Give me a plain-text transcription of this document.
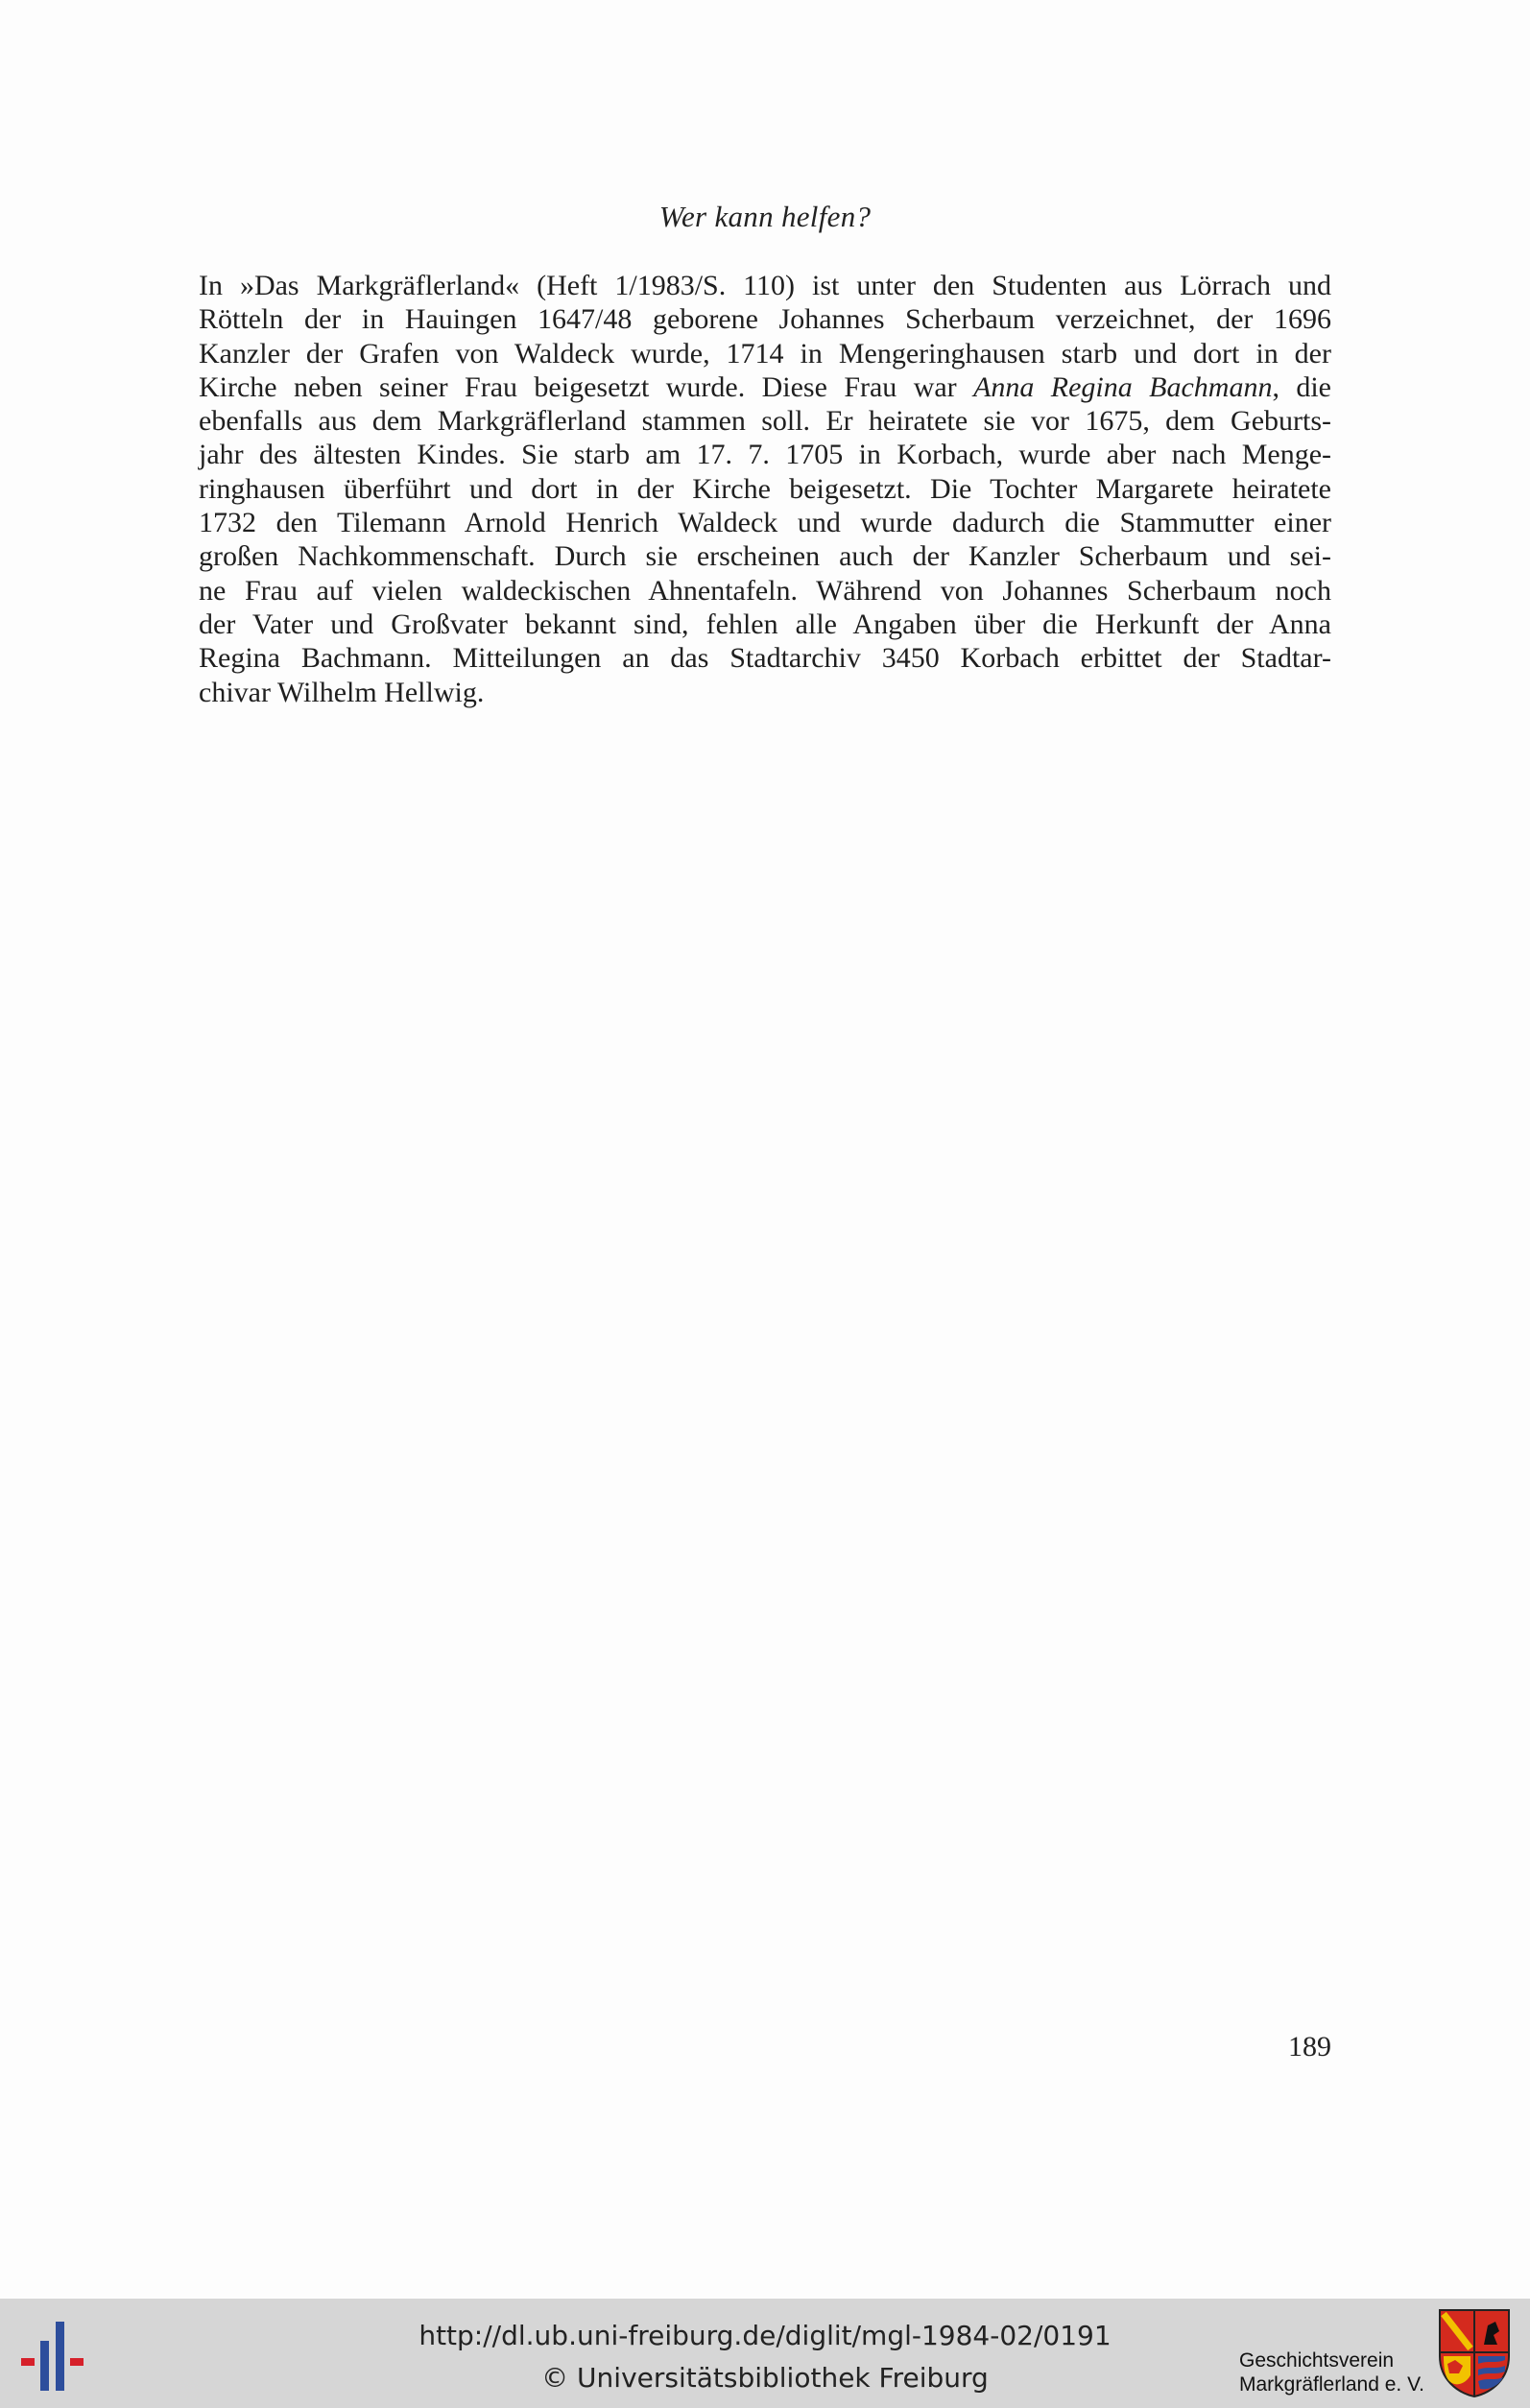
Wer kann helfen?
In »Das Markgräflerland« (Heft 1/1983/S. 110) ist unter den Studenten aus Lörrach und
Rötteln der in Hauingen 1647/48 geborene Johannes Scherbaum verzeichnet, der 1696
Kanzler der Grafen von Waldeck wurde, 1714 in Mengeringhausen starb und dort in der
Kirche neben seiner Frau beigesetzt wurde. Diese Frau war Anna Regina Bachmann, die
ebenfalls aus dem Markgräflerland stammen soll. Er heiratete sie vor 1675, dem Geburts-
jahr des ältesten Kindes. Sie starb am 17. 7. 1705 in Korbach, wurde aber nach Menge-
ringhausen überführt und dort in der Kirche beigesetzt. Die Tochter Margarete heiratete
1732 den Tilemann Arnold Henrich Waldeck und wurde dadurch die Stammutter einer
großen Nachkommenschaft. Durch sie erscheinen auch der Kanzler Scherbaum und sei-
ne Frau auf vielen waldeckischen Ahnentafeln. Während von Johannes Scherbaum noch
der Vater und Großvater bekannt sind, fehlen alle Angaben über die Herkunft der Anna
Regina Bachmann. Mitteilungen an das Stadtarchiv 3450 Korbach erbittet der Stadtar-
chivar Wilhelm Hellwig.
189
http://dl.ub.uni-freiburg.de/diglit/mgl-1984-02/0191
© Universitätsbibliothek Freiburg
Geschichtsverein
Markgräflerland e. V.
